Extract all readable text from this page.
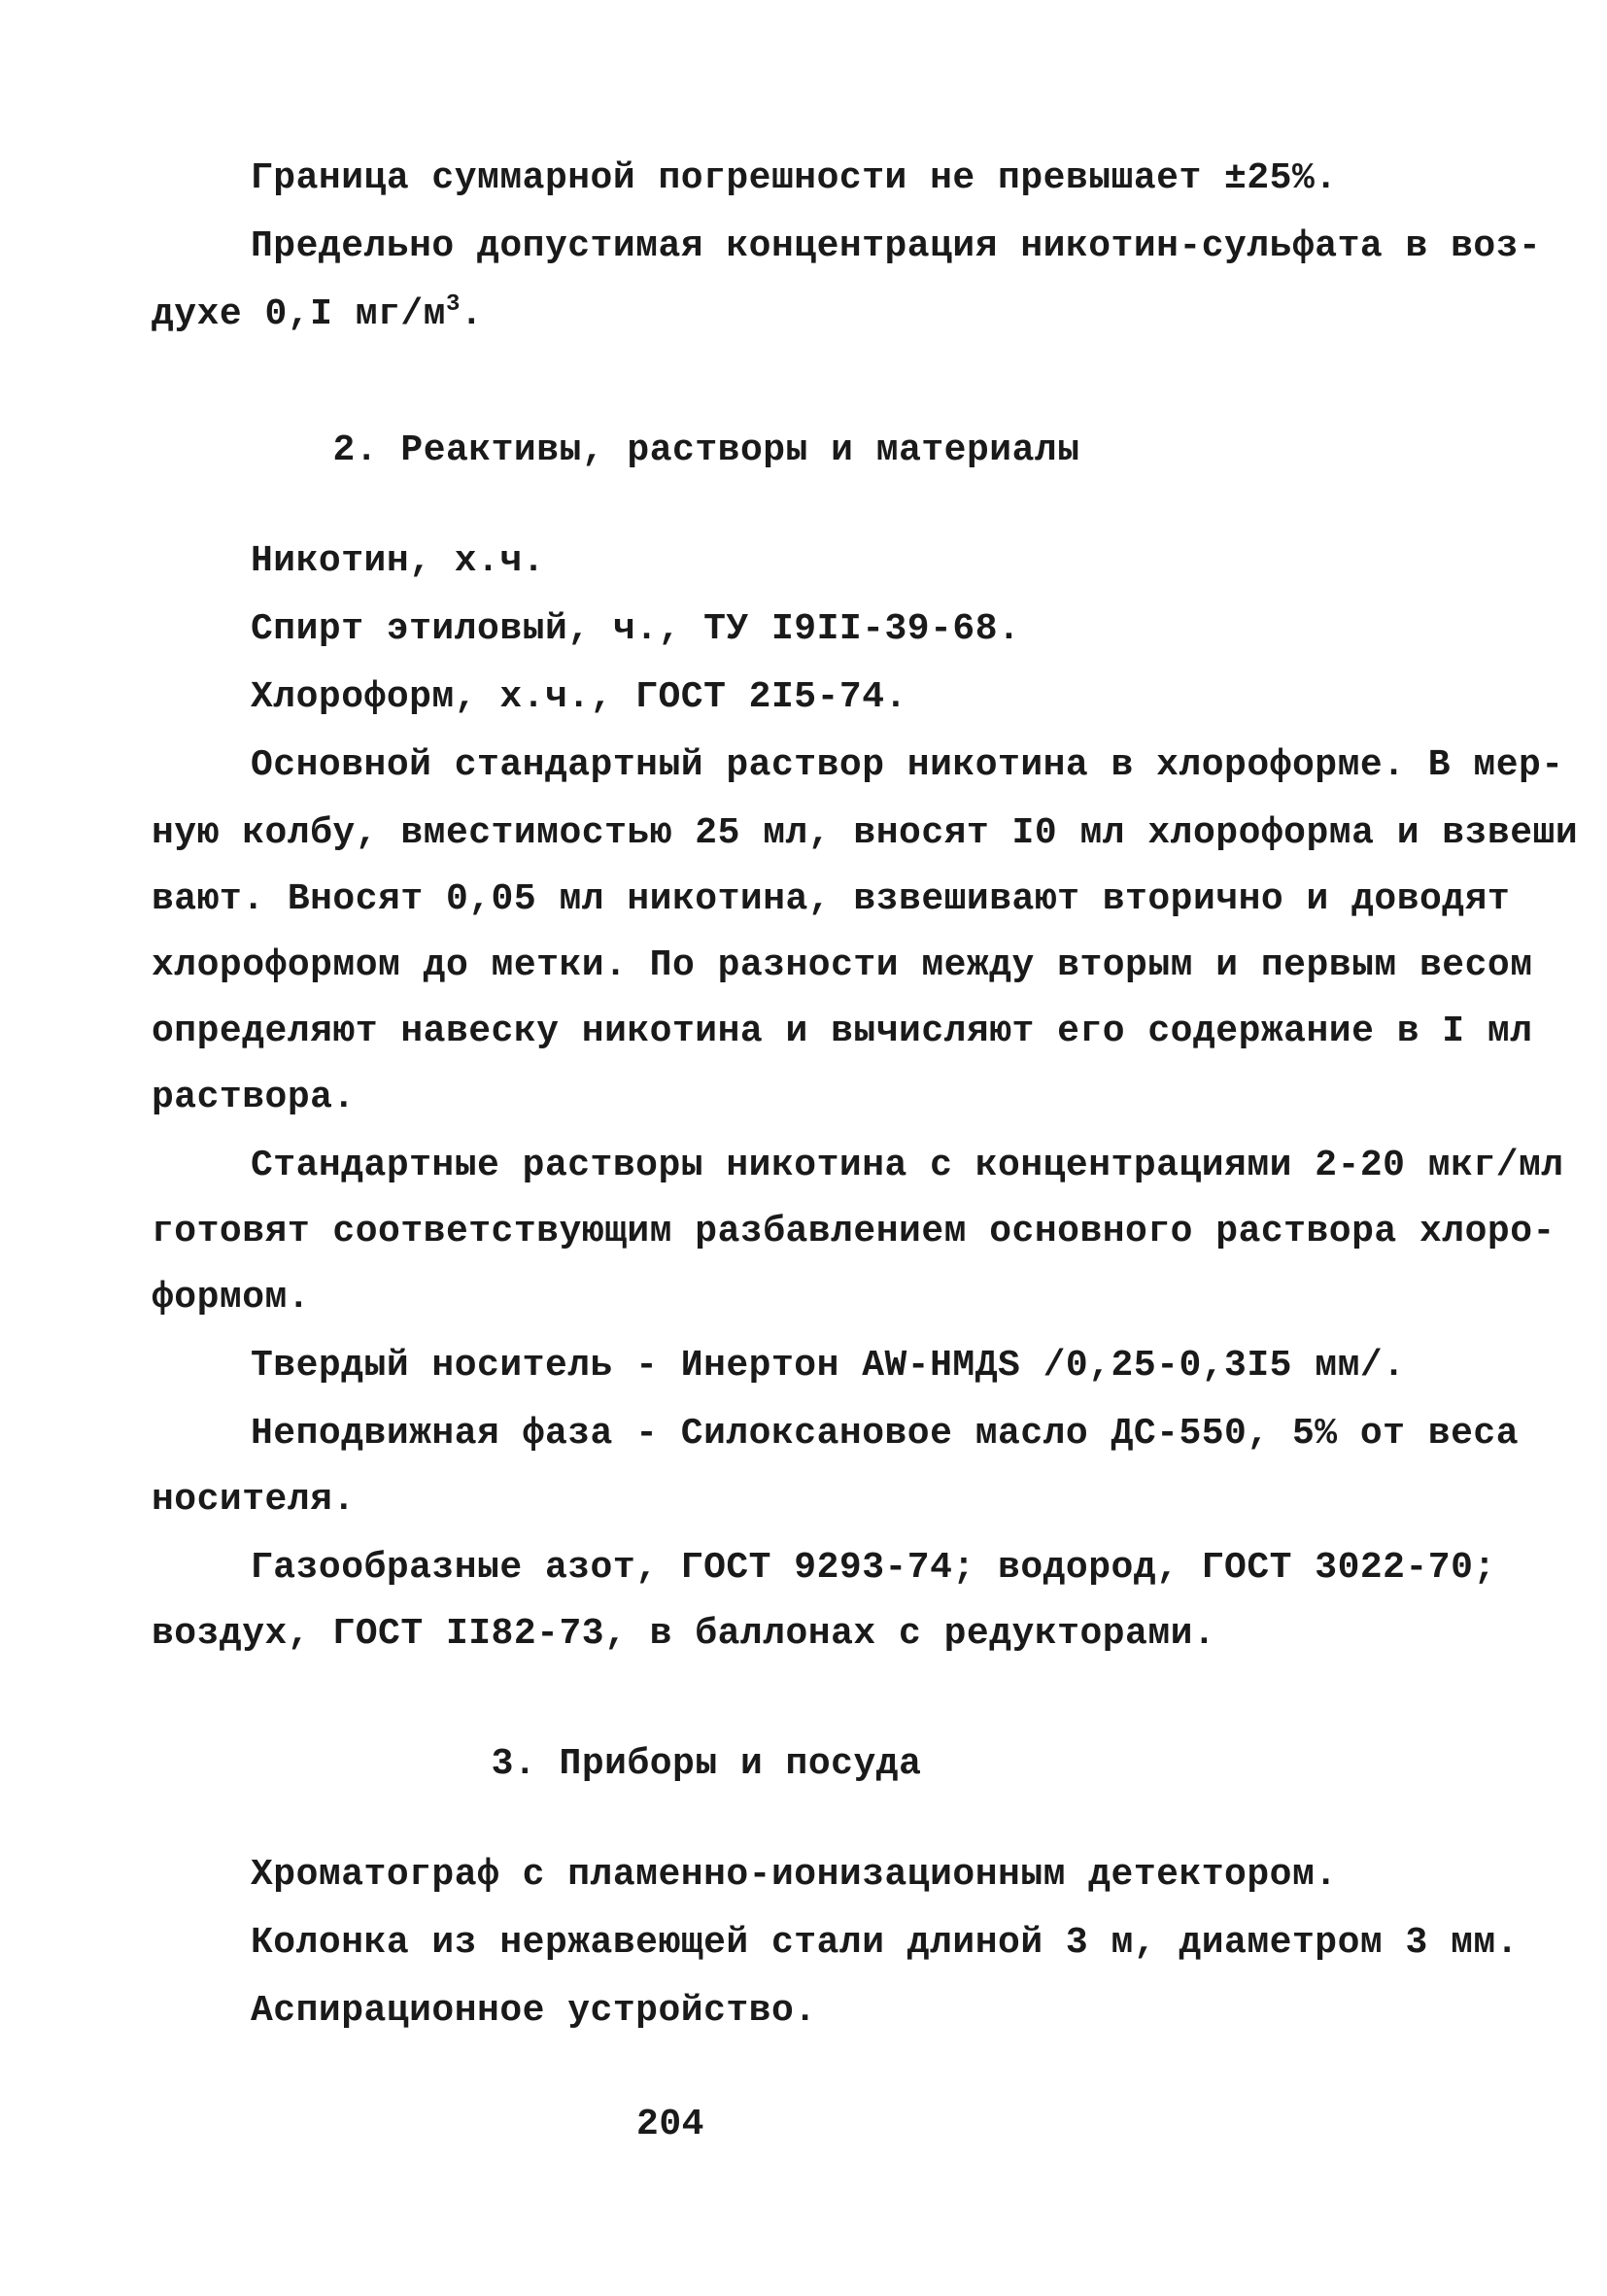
Граница суммарной погрешности не превышает ±25%.
Предельно допустимая концентрация никотин-сульфата в воз-
духе 0,I $мг/м^3$.
2. Реактивы, растворы и материалы
Никотин, х.ч.
Спирт этиловый, ч., ТУ I9II-39-68.
Хлороформ, х.ч., ГОСТ 2I5-74.
Основной стандартный раствор никотина в хлороформе. В мер-
ную колбу, вместимостью 25 мл, вносят I0 мл хлороформа и взвеши
вают. Вносят 0,05 мл никотина, взвешивают вторично и доводят
хлороформом до метки. По разности между вторым и первым весом
определяют навеску никотина и вычисляют его содержание в I мл
раствора.
Стандартные растворы никотина с концентрациями 2-20 мкг/мл
готовят соответствующим разбавлением основного раствора хлоро-
формом.
Твердый носитель - Инертон AW-НМДS /0,25-0,3I5 мм/.
Неподвижная фаза - Силоксановое масло ДС-550, 5% от веса
носителя.
Газообразные азот, ГОСТ 9293-74; водород, ГОСТ 3022-70;
воздух, ГОСТ II82-73, в баллонах с редукторами.
3. Приборы и посуда
Хроматограф с пламенно-ионизационным детектором.
Колонка из нержавеющей стали длиной 3 м, диаметром 3 мм.
Аспирационное устройство.
204
